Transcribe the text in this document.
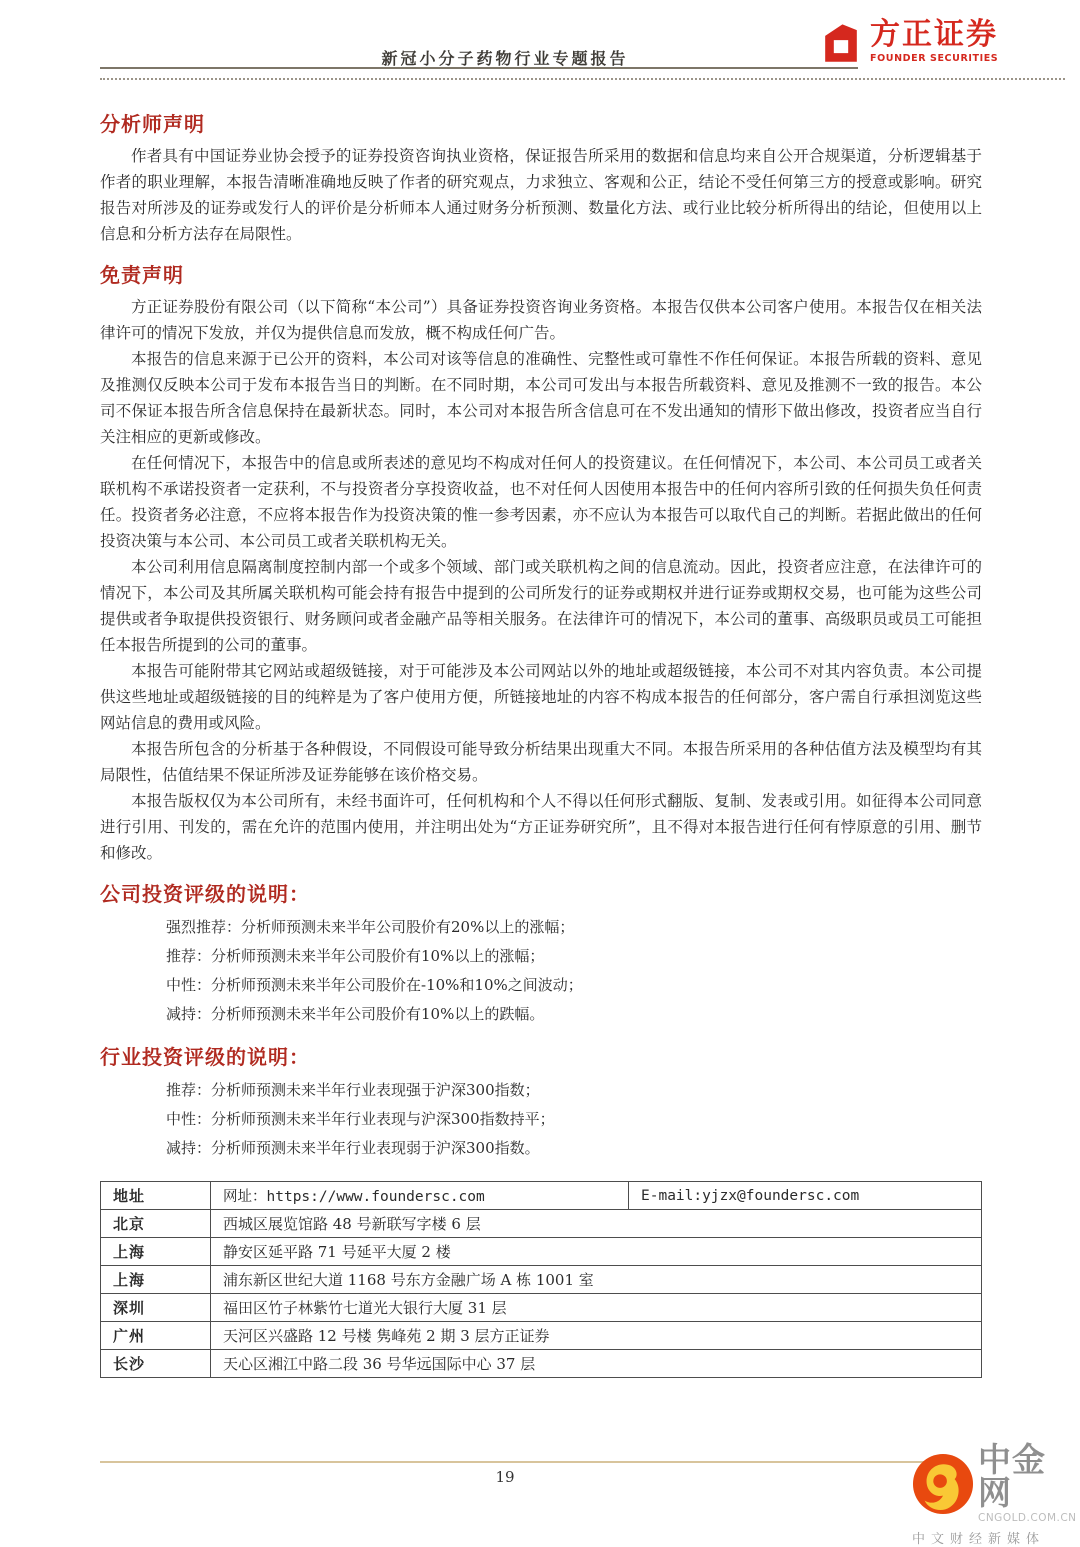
新冠小分子药物行业专题报告
方正证券
FOUNDER SECURITIES
分析师声明

作者具有中国证券业协会授予的证券投资咨询执业资格，保证报告所采用的数据和信息均来自公开合规渠道，分析逻辑基于作者的职业理解，本报告清晰准确地反映了作者的研究观点，力求独立、客观和公正，结论不受任何第三方的授意或影响。研究报告对所涉及的证券或发行人的评价是分析师本人通过财务分析预测、数量化方法、或行业比较分析所得出的结论，但使用以上信息和分析方法存在局限性。

免责声明

方正证券股份有限公司（以下简称“本公司”）具备证券投资咨询业务资格。本报告仅供本公司客户使用。本报告仅在相关法律许可的情况下发放，并仅为提供信息而发放，概不构成任何广告。

本报告的信息来源于已公开的资料，本公司对该等信息的准确性、完整性或可靠性不作任何保证。本报告所载的资料、意见及推测仅反映本公司于发布本报告当日的判断。在不同时期，本公司可发出与本报告所载资料、意见及推测不一致的报告。本公司不保证本报告所含信息保持在最新状态。同时，本公司对本报告所含信息可在不发出通知的情形下做出修改，投资者应当自行关注相应的更新或修改。

在任何情况下，本报告中的信息或所表述的意见均不构成对任何人的投资建议。在任何情况下，本公司、本公司员工或者关联机构不承诺投资者一定获利，不与投资者分享投资收益，也不对任何人因使用本报告中的任何内容所引致的任何损失负任何责任。投资者务必注意，不应将本报告作为投资决策的惟一参考因素，亦不应认为本报告可以取代自己的判断。若据此做出的任何投资决策与本公司、本公司员工或者关联机构无关。

本公司利用信息隔离制度控制内部一个或多个领域、部门或关联机构之间的信息流动。因此，投资者应注意，在法律许可的情况下，本公司及其所属关联机构可能会持有报告中提到的公司所发行的证券或期权并进行证券或期权交易，也可能为这些公司提供或者争取提供投资银行、财务顾问或者金融产品等相关服务。在法律许可的情况下，本公司的董事、高级职员或员工可能担任本报告所提到的公司的董事。

本报告可能附带其它网站或超级链接，对于可能涉及本公司网站以外的地址或超级链接，本公司不对其内容负责。本公司提供这些地址或超级链接的目的纯粹是为了客户使用方便，所链接地址的内容不构成本报告的任何部分，客户需自行承担浏览这些网站信息的费用或风险。

本报告所包含的分析基于各种假设，不同假设可能导致分析结果出现重大不同。本报告所采用的各种估值方法及模型均有其局限性，估值结果不保证所涉及证券能够在该价格交易。

本报告版权仅为本公司所有，未经书面许可，任何机构和个人不得以任何形式翻版、复制、发表或引用。如征得本公司同意进行引用、刊发的，需在允许的范围内使用，并注明出处为“方正证券研究所”，且不得对本报告进行任何有悖原意的引用、删节和修改。

公司投资评级的说明：
强烈推荐：分析师预测未来半年公司股价有20%以上的涨幅；
推荐：分析师预测未来半年公司股价有10%以上的涨幅；
中性：分析师预测未来半年公司股价在-10%和10%之间波动；
减持：分析师预测未来半年公司股价有10%以上的跌幅。
行业投资评级的说明：
推荐：分析师预测未来半年行业表现强于沪深300指数；
中性：分析师预测未来半年行业表现与沪深300指数持平；
减持：分析师预测未来半年行业表现弱于沪深300指数。
地址	网址：https://www.foundersc.com	E-mail:yjzx@foundersc.com
北京	西城区展览馆路 48 号新联写字楼 6 层	
上海	静安区延平路 71 号延平大厦 2 楼	
上海	浦东新区世纪大道 1168 号东方金融广场 A 栋 1001 室	
深圳	福田区竹子林紫竹七道光大银行大厦 31 层	
广州	天河区兴盛路 12 号楼 隽峰苑 2 期 3 层方正证券	
长沙	天心区湘江中路二段 36 号华远国际中心 37 层	
19	中金网
CNGOLD.COM.CN
中文财经新媒体
